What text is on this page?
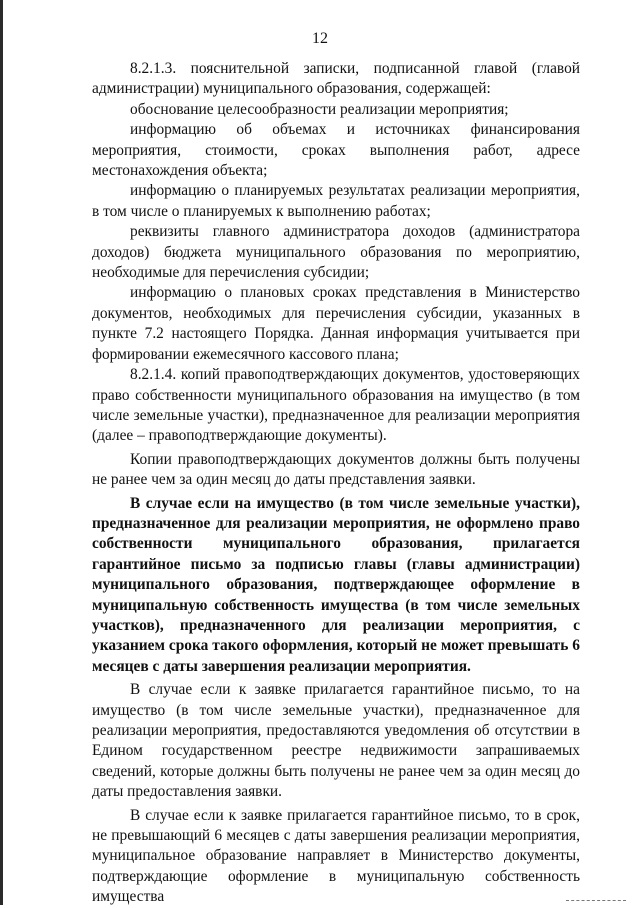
12

8.2.1.3. пояснительной записки, подписанной главой (главой администрации) муниципального образования, содержащей:

обоснование целесообразности реализации мероприятия;

информацию об объемах и источниках финансирования мероприятия, стоимости, сроках выполнения работ, адресе местонахождения объекта;

информацию о планируемых результатах реализации мероприятия, в том числе о планируемых к выполнению работах;

реквизиты главного администратора доходов (администратора доходов) бюджета муниципального образования по мероприятию, необходимые для перечисления субсидии;

информацию о плановых сроках представления в Министерство документов, необходимых для перечисления субсидии, указанных в пункте 7.2 настоящего Порядка. Данная информация учитывается при формировании ежемесячного кассового плана;

8.2.1.4. копий правоподтверждающих документов, удостоверяющих право собственности муниципального образования на имущество (в том числе земельные участки), предназначенное для реализации мероприятия (далее – правоподтверждающие документы).

Копии правоподтверждающих документов должны быть получены не ранее чем за один месяц до даты представления заявки.

В случае если на имущество (в том числе земельные участки), предназначенное для реализации мероприятия, не оформлено право собственности муниципального образования, прилагается гарантийное письмо за подписью главы (главы администрации) муниципального образования, подтверждающее оформление в муниципальную собственность имущества (в том числе земельных участков), предназначенного для реализации мероприятия, с указанием срока такого оформления, который не может превышать 6 месяцев с даты завершения реализации мероприятия.

В случае если к заявке прилагается гарантийное письмо, то на имущество (в том числе земельные участки), предназначенное для реализации мероприятия, предоставляются уведомления об отсутствии в Едином государственном реестре недвижимости запрашиваемых сведений, которые должны быть получены не ранее чем за один месяц до даты предоставления заявки.

В случае если к заявке прилагается гарантийное письмо, то в срок, не превышающий 6 месяцев с даты завершения реализации мероприятия, муниципальное образование направляет в Министерство документы, подтверждающие оформление в муниципальную собственность имущества
